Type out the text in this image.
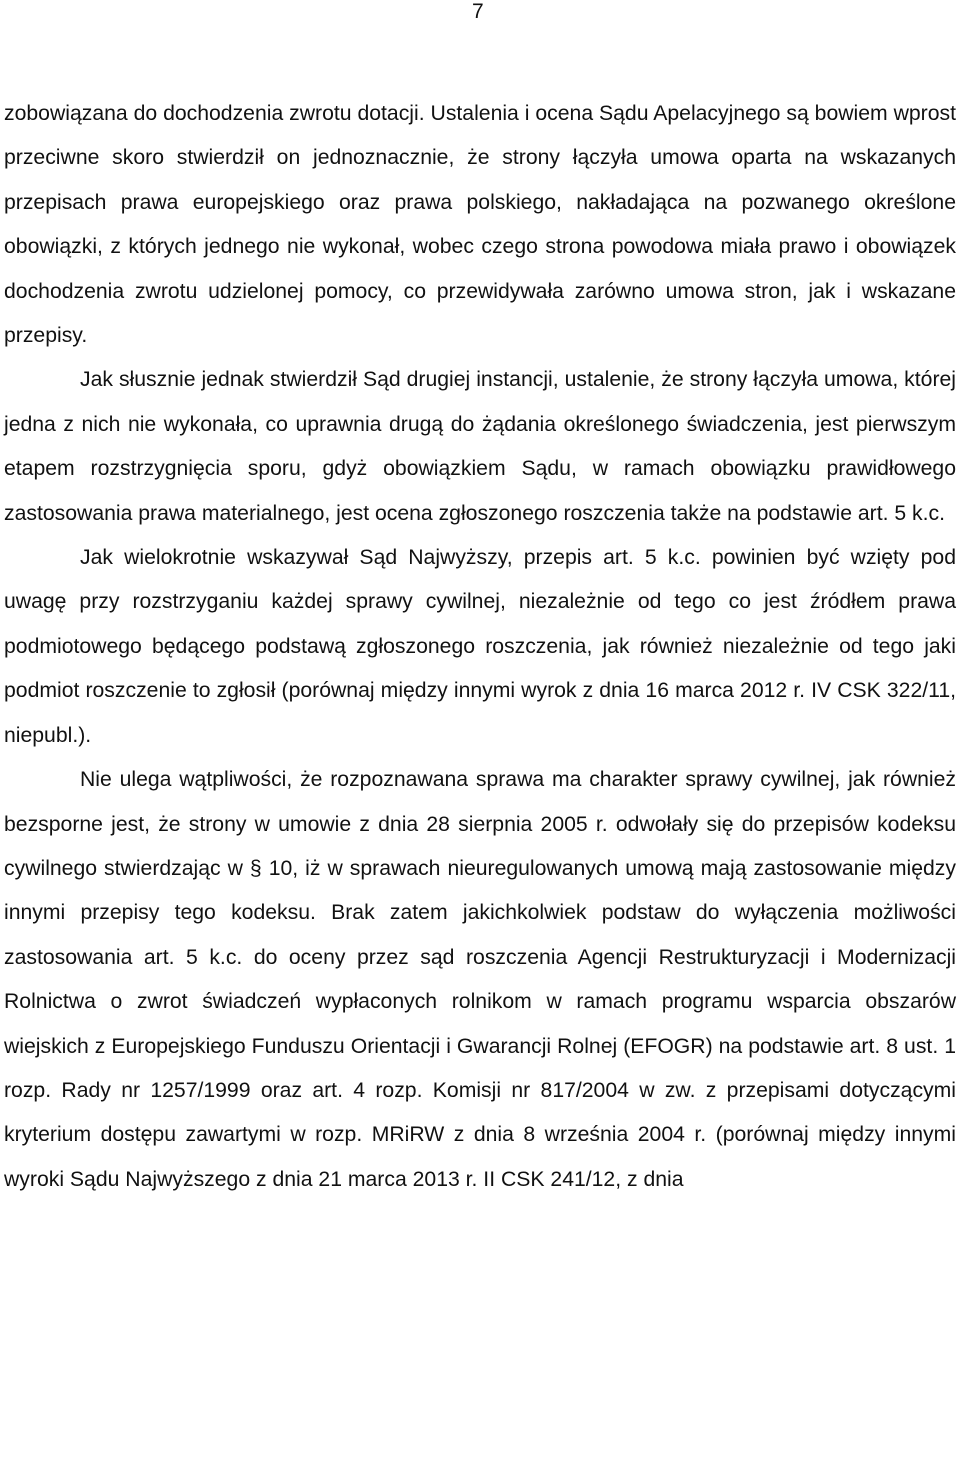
7

zobowiązana do dochodzenia zwrotu dotacji. Ustalenia i ocena Sądu Apelacyjnego są bowiem wprost przeciwne skoro stwierdził on jednoznacznie, że strony łączyła umowa oparta na wskazanych przepisach prawa europejskiego oraz prawa polskiego, nakładająca na pozwanego określone obowiązki, z których jednego nie wykonał, wobec czego strona powodowa miała prawo i obowiązek dochodzenia zwrotu udzielonej pomocy, co przewidywała zarówno umowa stron, jak i wskazane przepisy.

Jak słusznie jednak stwierdził Sąd drugiej instancji, ustalenie, że strony łączyła umowa, której jedna z nich nie wykonała, co uprawnia drugą do żądania określonego świadczenia, jest pierwszym etapem rozstrzygnięcia sporu, gdyż obowiązkiem Sądu, w ramach obowiązku prawidłowego zastosowania prawa materialnego, jest ocena zgłoszonego roszczenia także na podstawie art. 5 k.c.

Jak wielokrotnie wskazywał Sąd Najwyższy, przepis art. 5 k.c. powinien być wzięty pod uwagę przy rozstrzyganiu każdej sprawy cywilnej, niezależnie od tego co jest źródłem prawa podmiotowego będącego podstawą zgłoszonego roszczenia, jak również niezależnie od tego jaki podmiot roszczenie to zgłosił (porównaj między innymi wyrok z dnia 16 marca 2012 r. IV CSK 322/11, niepubl.).

Nie ulega wątpliwości, że rozpoznawana sprawa ma charakter sprawy cywilnej, jak również bezsporne jest, że strony w umowie z dnia 28 sierpnia 2005 r. odwołały się do przepisów kodeksu cywilnego stwierdzając w § 10, iż w sprawach nieuregulowanych umową mają zastosowanie między innymi przepisy tego kodeksu. Brak zatem jakichkolwiek podstaw do wyłączenia możliwości zastosowania art. 5 k.c. do oceny przez sąd roszczenia Agencji Restrukturyzacji i Modernizacji Rolnictwa o zwrot świadczeń wypłaconych rolnikom w ramach programu wsparcia obszarów wiejskich z Europejskiego Funduszu Orientacji i Gwarancji Rolnej (EFOGR) na podstawie art. 8 ust. 1 rozp. Rady nr 1257/1999 oraz art. 4 rozp. Komisji nr 817/2004 w zw. z przepisami dotyczącymi kryterium dostępu zawartymi w rozp. MRiRW z dnia 8 września 2004 r. (porównaj między innymi wyroki Sądu Najwyższego z dnia 21 marca 2013 r. II CSK 241/12, z dnia
